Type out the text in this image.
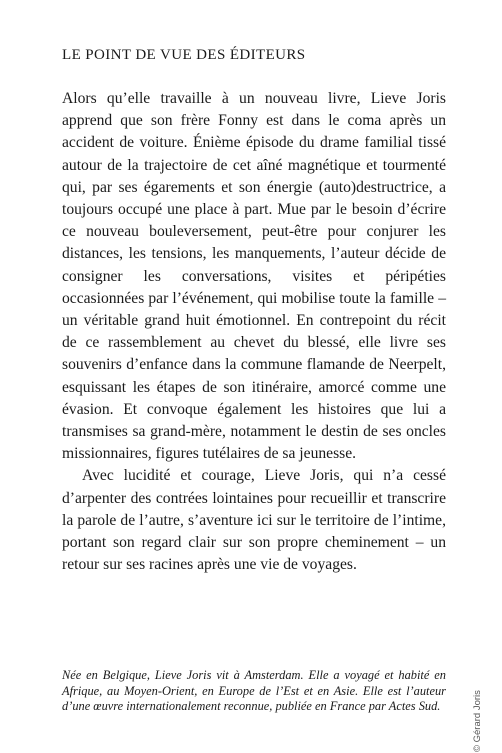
LE POINT DE VUE DES ÉDITEURS

Alors qu’elle travaille à un nouveau livre, Lieve Joris apprend que son frère Fonny est dans le coma après un accident de voiture. Énième épisode du drame familial tissé autour de la trajectoire de cet aîné magnétique et tourmenté qui, par ses égarements et son énergie (auto)destructrice, a toujours occupé une place à part. Mue par le besoin d’écrire ce nouveau bouleversement, peut-être pour conjurer les distances, les tensions, les manquements, l’auteur décide de consigner les conversations, visites et péripéties occasionnées par l’événement, qui mobilise toute la famille – un véritable grand huit émotionnel. En contrepoint du récit de ce rassemblement au chevet du blessé, elle livre ses souvenirs d’enfance dans la commune flamande de Neerpelt, esquissant les étapes de son itinéraire, amorcé comme une évasion. Et convoque également les histoires que lui a transmises sa grand-mère, notamment le destin de ses oncles missionnaires, figures tutélaires de sa jeunesse.

Avec lucidité et courage, Lieve Joris, qui n’a cessé d’arpenter des contrées lointaines pour recueillir et transcrire la parole de l’autre, s’aventure ici sur le territoire de l’intime, portant son regard clair sur son propre cheminement – un retour sur ses racines après une vie de voyages.

Née en Belgique, Lieve Joris vit à Amsterdam. Elle a voyagé et habité en Afrique, au Moyen-Orient, en Europe de l’Est et en Asie. Elle est l’auteur d’une œuvre internationalement reconnue, publiée en France par Actes Sud.	© Gérard Joris
